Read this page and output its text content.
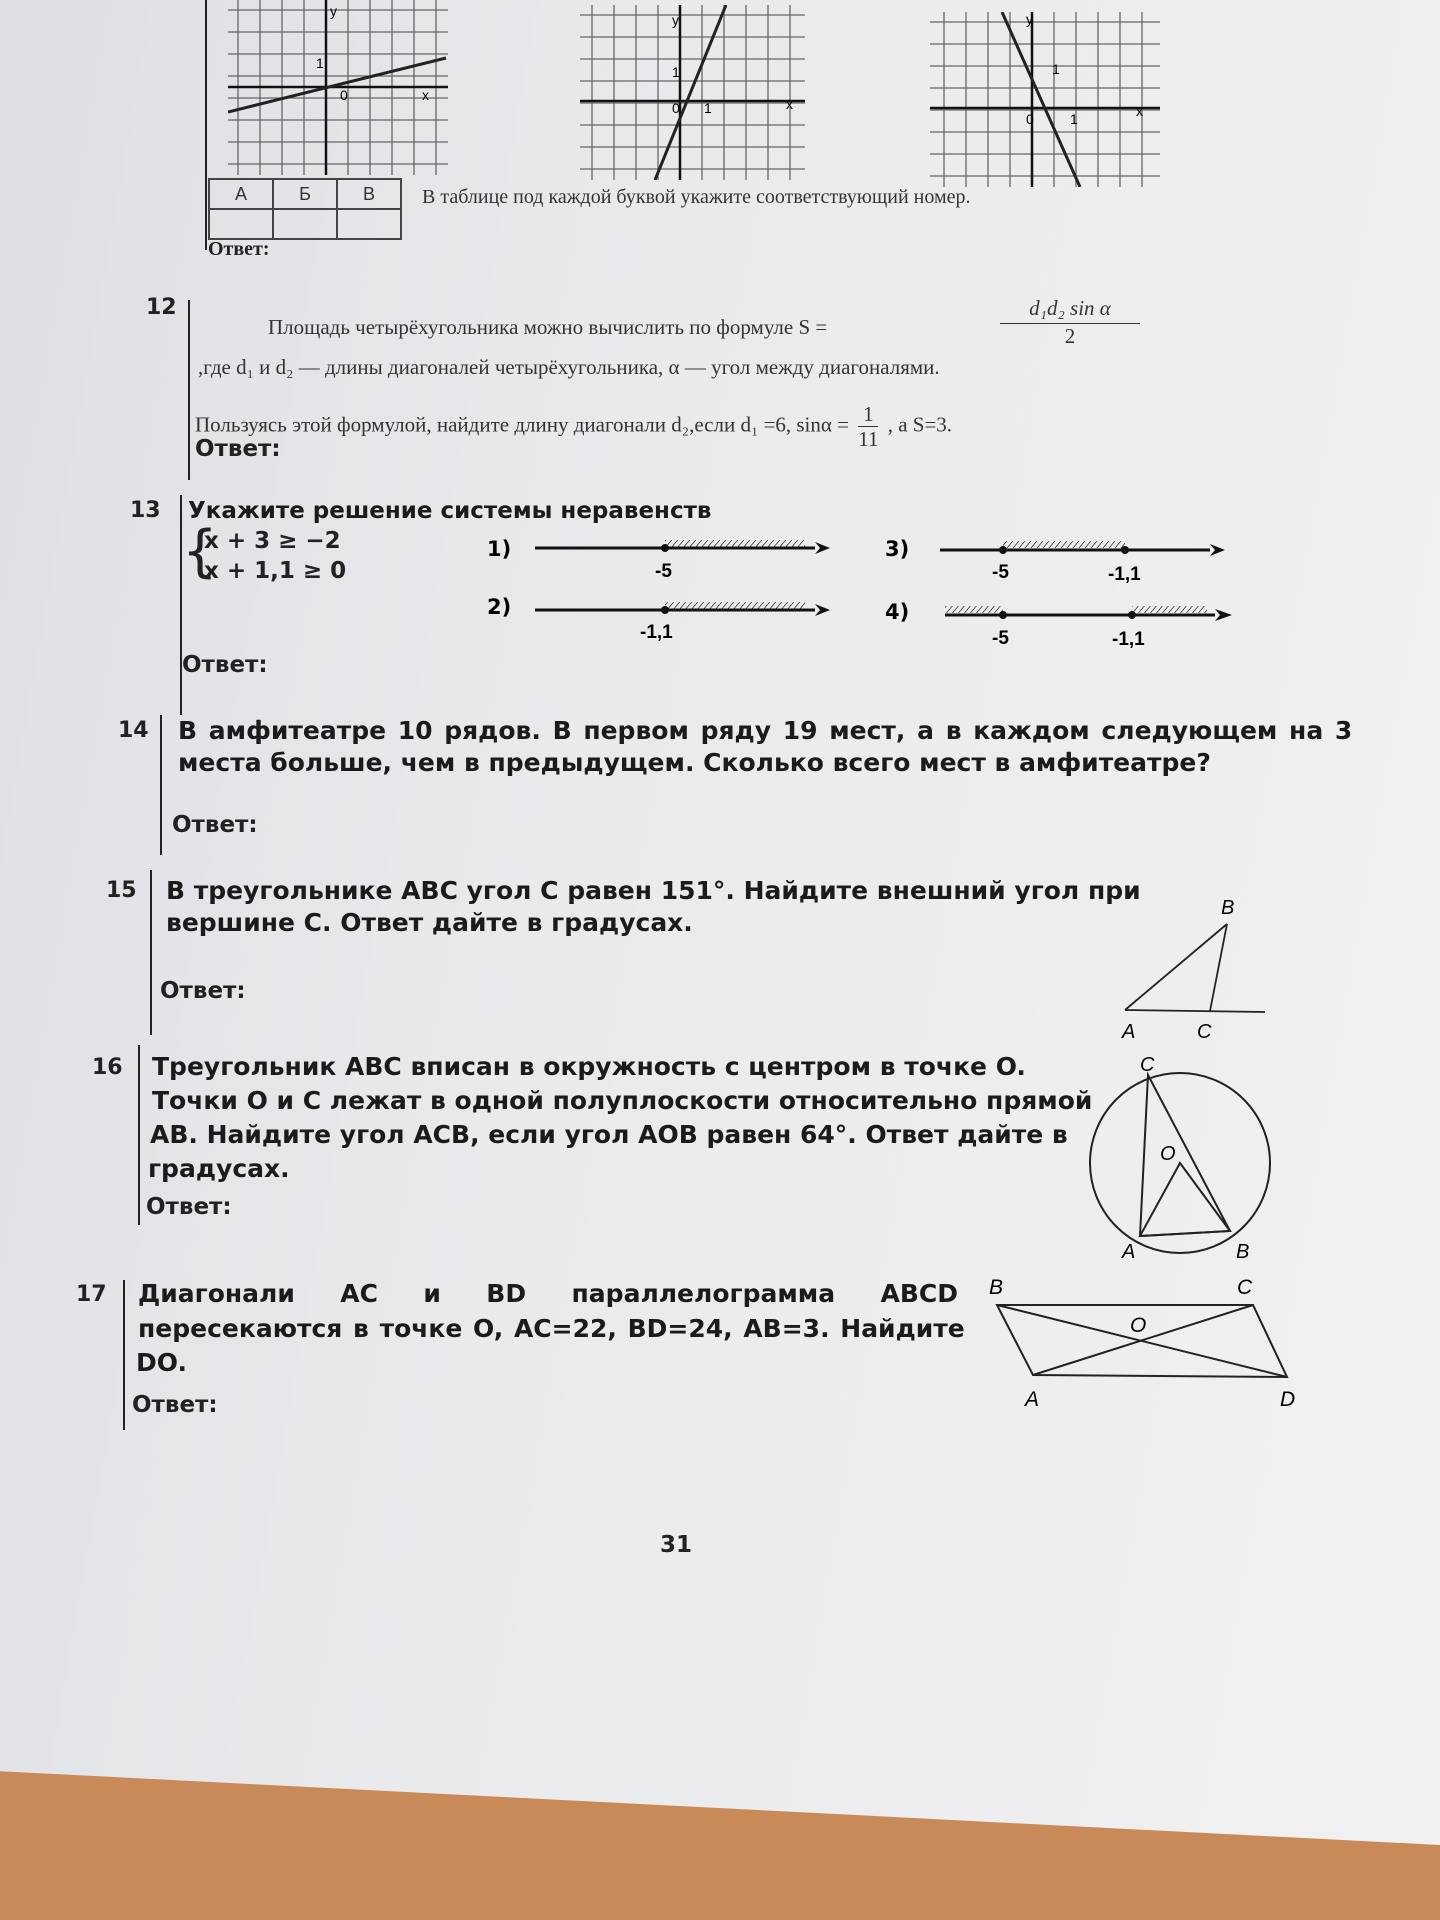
y
1
0	x
y
1
0 1	x
y
1
0	1	x
А	Б	В
		В таблице под каждой буквой укажите соответствующий номер.
Ответ:
12
Площадь четырёхугольника можно вычислить по формуле S =	$\frac{\text{d₁d₂ sin α}}{2}$
,где d₁ и d₂ — длины диагоналей четырёхугольника, α — угол между диагоналями.
Пользуясь этой формулой, найдите длину диагонали d₂,если d₁ =6, $\sin\alpha = \frac{1}{11}$ , а S=3.
Ответ:
13 Укажите решение системы неравенств
{
x + 3 ≥ −2
x + 1,1 ≥ 0
1)
2)
3)
4)
-5
-1,1
-5	-1,1
-5	-1,1
Ответ:
14 В амфитеатре 10 рядов. В первом ряду 19 мест, а в каждом следующем на 3
места больше, чем в предыдущем. Сколько всего мест в амфитеатре?
Ответ:
15 В треугольнике ABC угол C равен 151°. Найдите внешний угол при
вершине C. Ответ дайте в градусах.
Ответ:
B
A	C
16 Треугольник ABC вписан в окружность с центром в точке O.
Точки O и C лежат в одной полуплоскости относительно прямой
AB. Найдите угол ACB, если угол AOB равен 64°. Ответ дайте в
градусах.
Ответ:
C
O
A	B
17 Диагонали AC и BD параллелограмма ABCD
пересекаются в точке O, AC=22, BD=24, AB=3. Найдите
DO.
Ответ:
B	C
O
A	D
31
